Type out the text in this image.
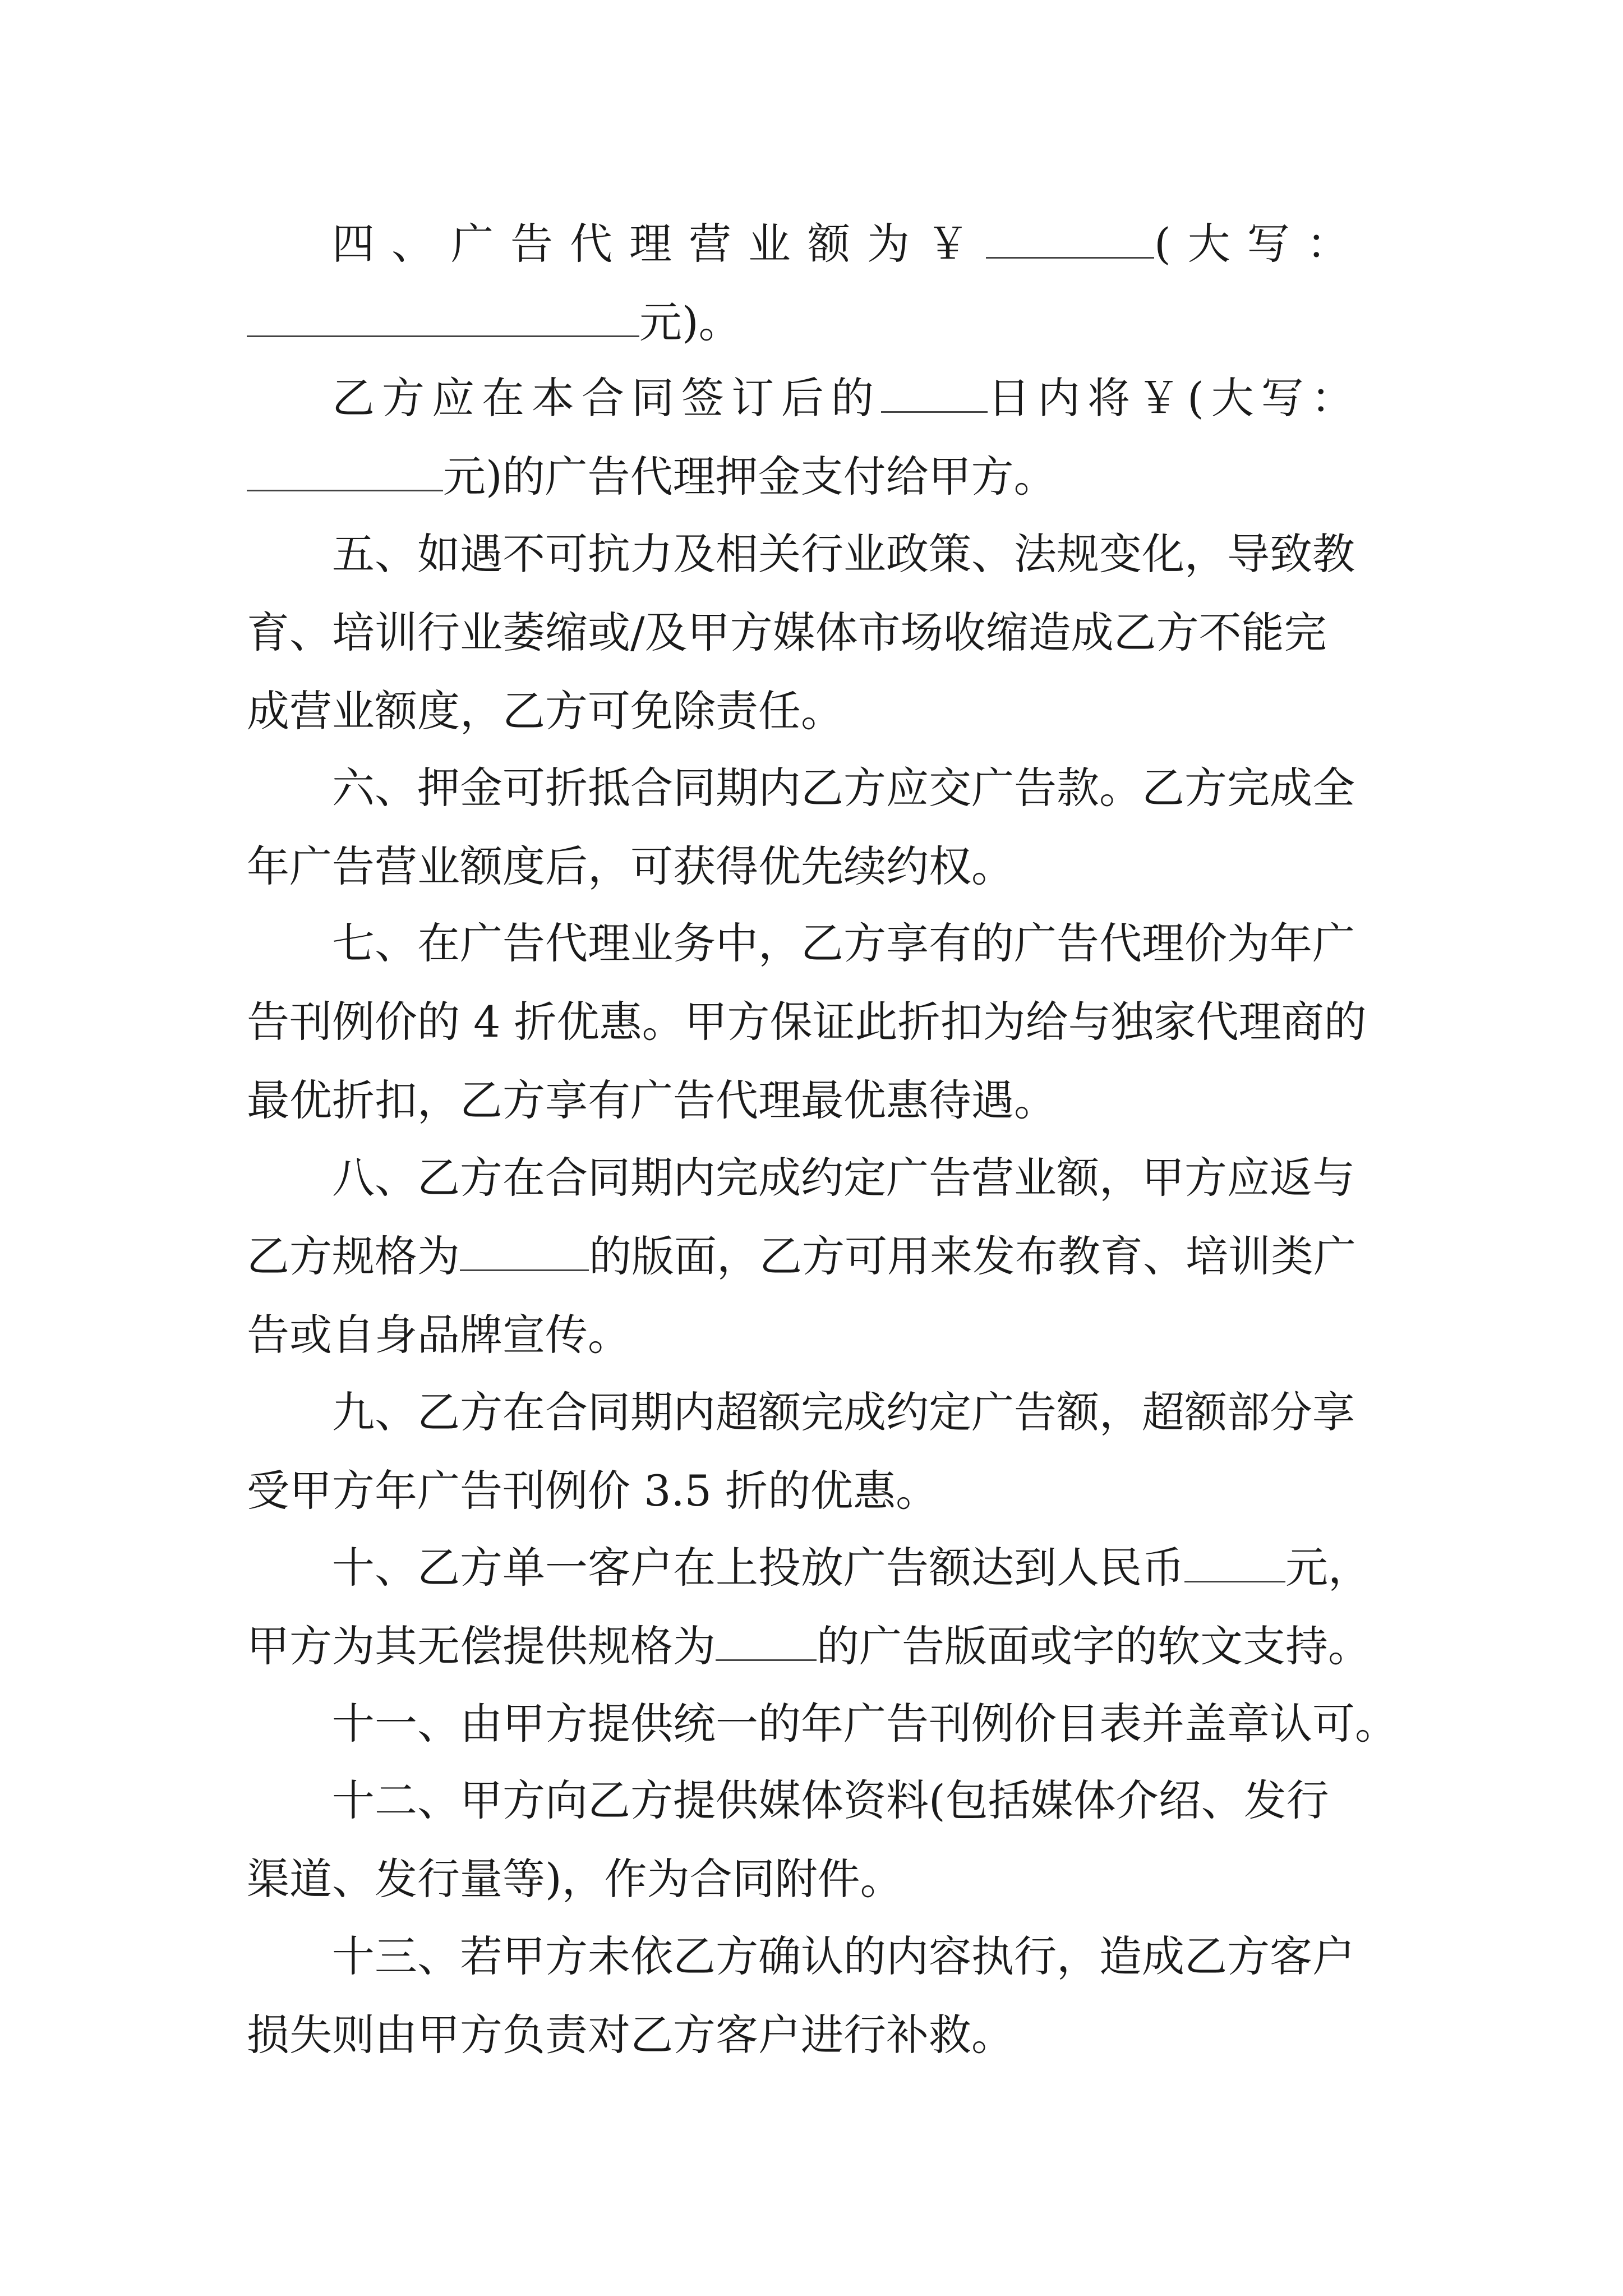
四、广告代理营业额为￥	(大写：

元)。

乙方应在本合同签订后的	日内将￥(大写：

元)的广告代理押金支付给甲方。

五、如遇不可抗力及相关行业政策、法规变化，导致教

育、培训行业萎缩或/及甲方媒体市场收缩造成乙方不能完

成营业额度，乙方可免除责任。

六、押金可折抵合同期内乙方应交广告款。乙方完成全

年广告营业额度后，可获得优先续约权。

七、在广告代理业务中，乙方享有的广告代理价为年广

告刊例价的 4 折优惠。甲方保证此折扣为给与独家代理商的

最优折扣，乙方享有广告代理最优惠待遇。

八、乙方在合同期内完成约定广告营业额，甲方应返与

乙方规格为	的版面，乙方可用来发布教育、培训类广

告或自身品牌宣传。

九、乙方在合同期内超额完成约定广告额，超额部分享

受甲方年广告刊例价 3.5 折的优惠。

十、乙方单一客户在上投放广告额达到人民币 元，

甲方为其无偿提供规格为 的广告版面或字的软文支持。

十一、由甲方提供统一的年广告刊例价目表并盖章认可。

十二、甲方向乙方提供媒体资料(包括媒体介绍、发行

渠道、发行量等)，作为合同附件。

十三、若甲方未依乙方确认的内容执行，造成乙方客户

损失则由甲方负责对乙方客户进行补救。
